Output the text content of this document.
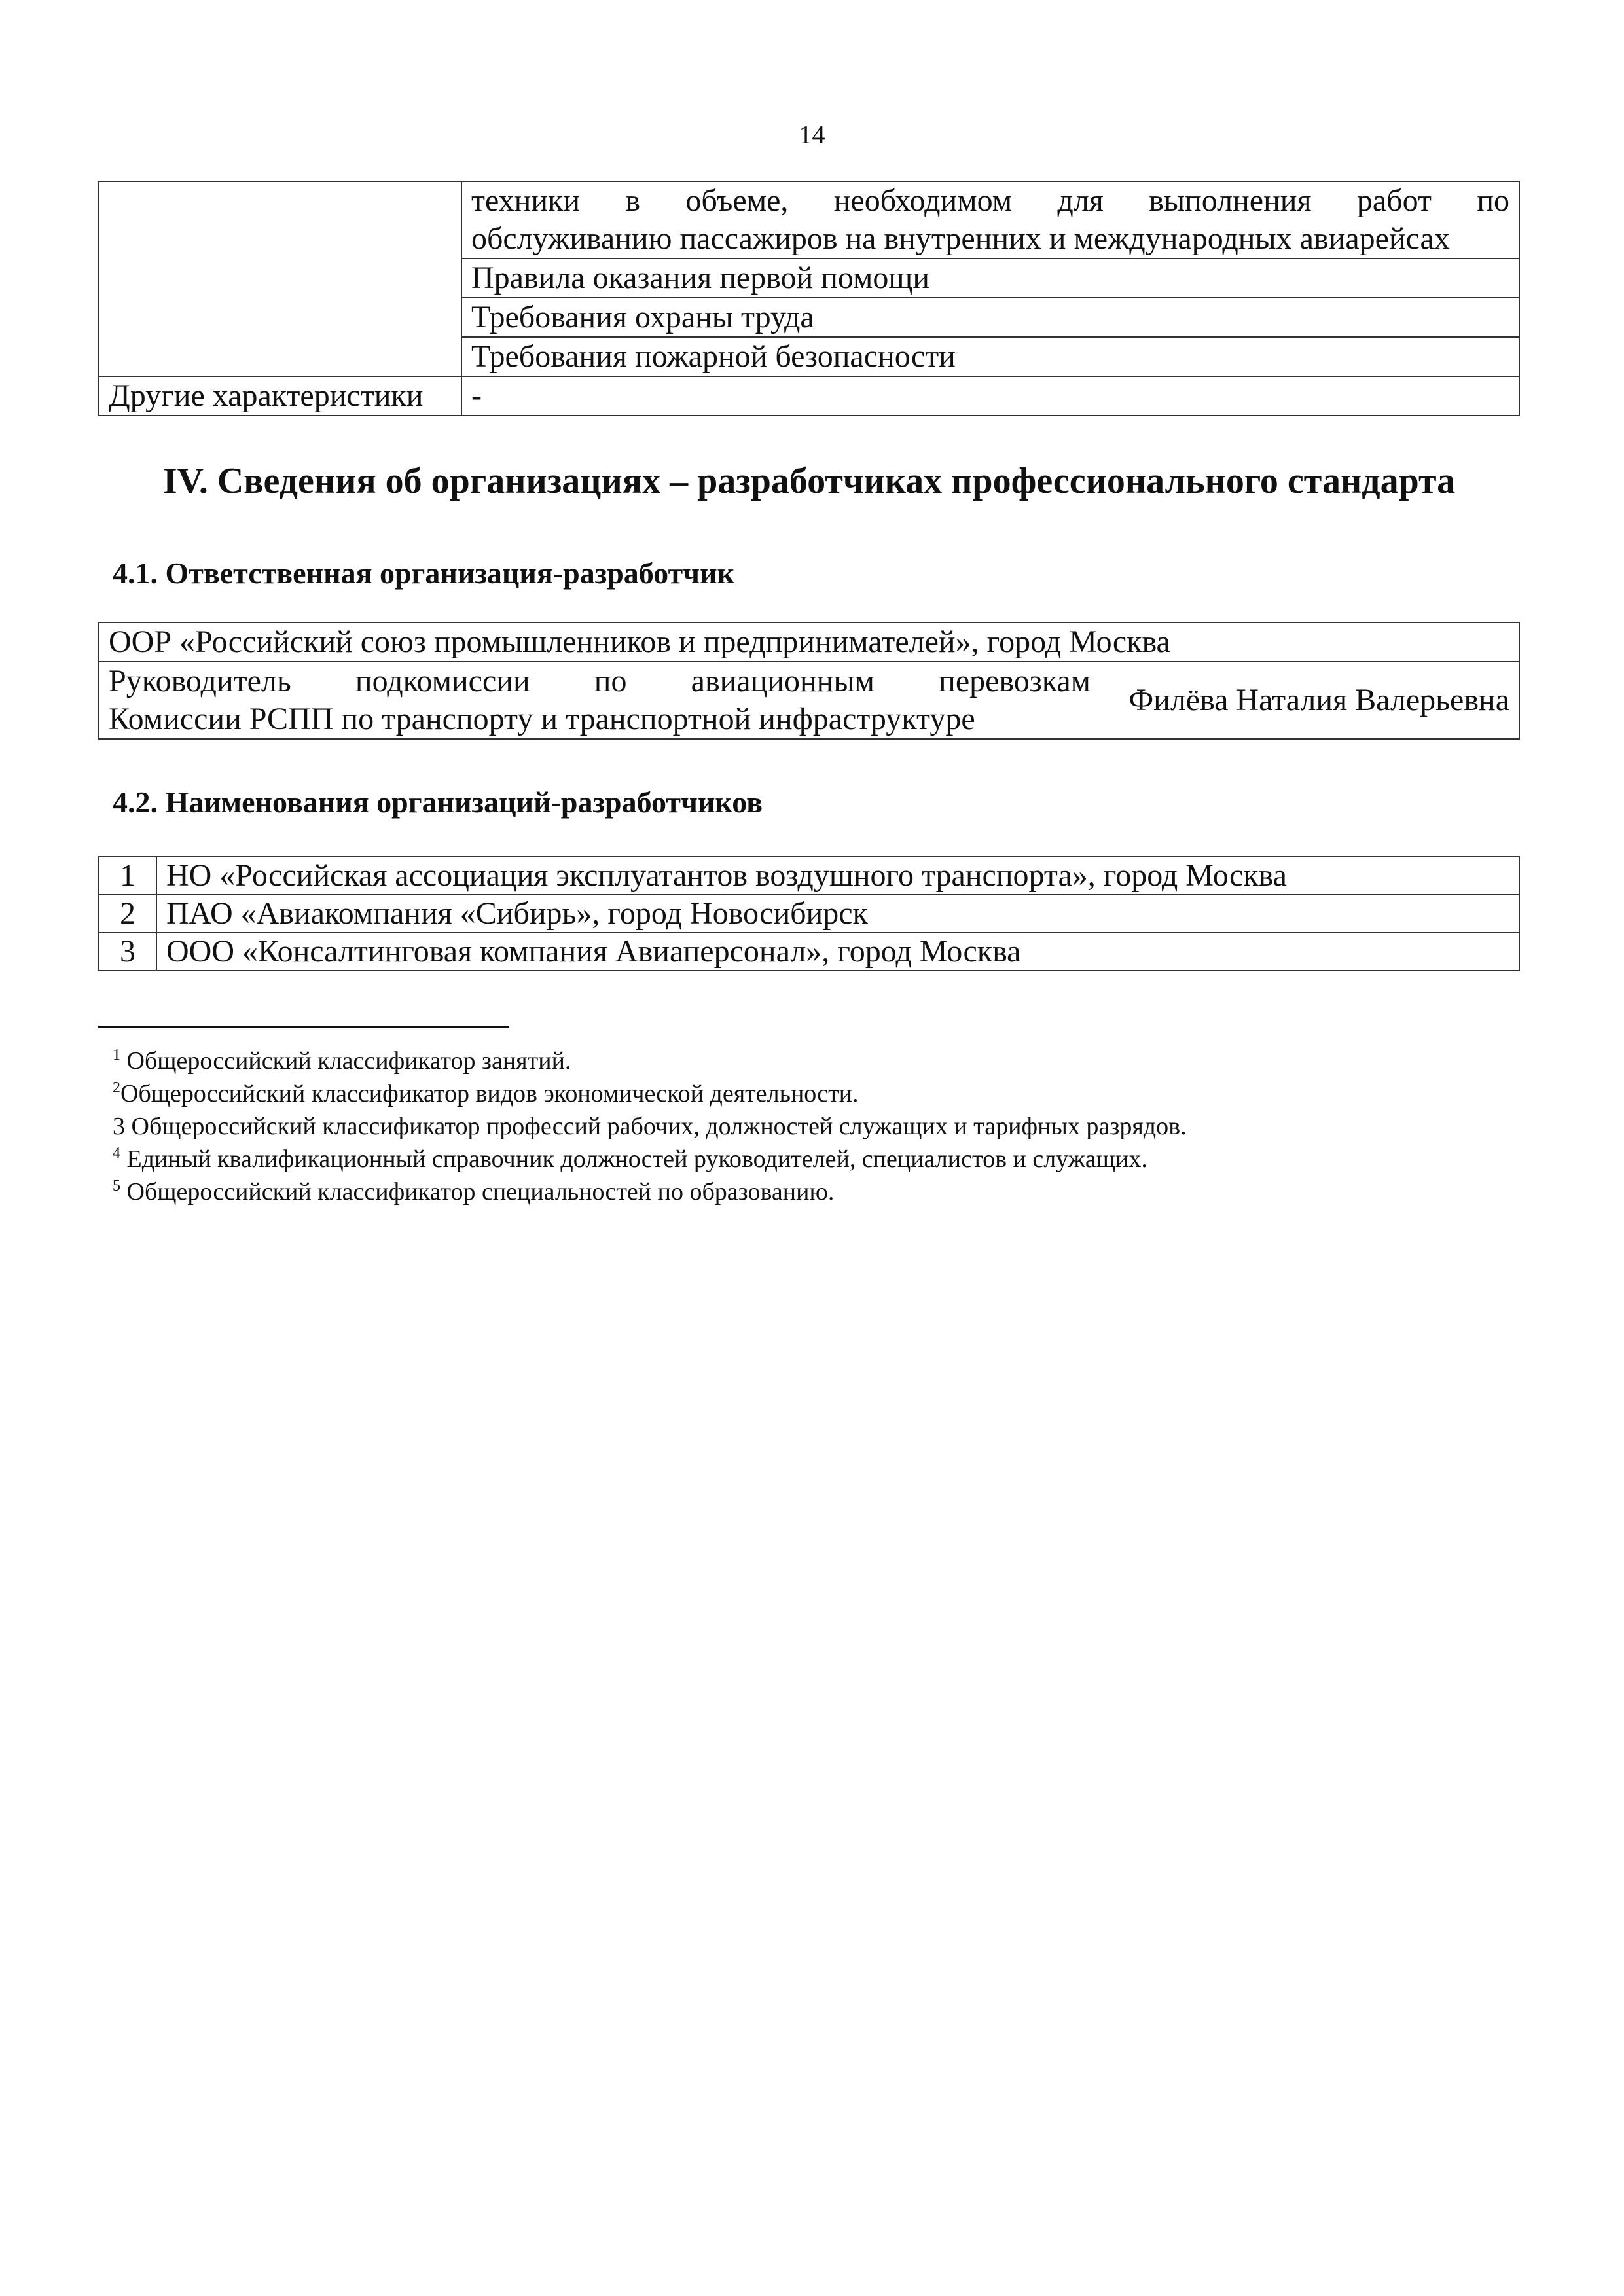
14

	техники в объеме, необходимом для выполнения работ по
обслуживанию пассажиров на внутренних и международных авиарейсах

	Правила оказания первой помощи
	Требования охраны труда
	Требования пожарной безопасности
Другие характеристики	-
IV. Сведения об организациях – разработчиках профессионального стандарта
4.1. Ответственная организация-разработчик
ООР «Российский союз промышленников и предпринимателей», город Москва

Руководитель подкомиссии по авиационным перевозкам
Комиссии РСПП по транспорту и транспортной инфраструктуре
	Филёва Наталия Валерьевна
4.2. Наименования организаций-разработчиков
1	НО «Российская ассоциация эксплуатантов воздушного транспорта», город Москва
2	ПАО «Авиакомпания «Сибирь», город Новосибирск
3	ООО «Консалтинговая компания Авиаперсонал», город Москва
$^1$ Общероссийский классификатор занятий.
$^2$Общероссийский классификатор видов экономической деятельности.
3 Общероссийский классификатор профессий рабочих, должностей служащих и тарифных разрядов.
$^4$ Единый квалификационный справочник должностей руководителей, специалистов и служащих.
$^5$ Общероссийский классификатор специальностей по образованию.
